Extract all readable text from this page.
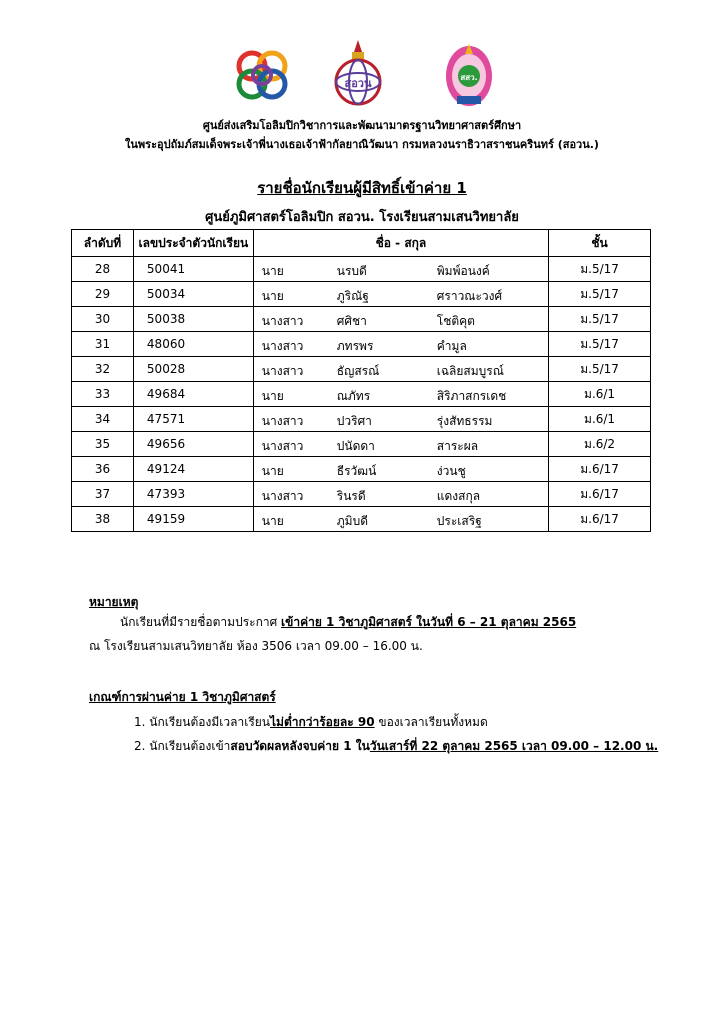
สอวน	สสว.
ศูนย์ส่งเสริมโอลิมปิกวิชาการและพัฒนามาตรฐานวิทยาศาสตร์ศึกษา
ในพระอุปถัมภ์สมเด็จพระเจ้าพี่นางเธอเจ้าฟ้ากัลยาณิวัฒนา กรมหลวงนราธิวาสราชนครินทร์ (สอวน.)
รายชื่อนักเรียนผู้มีสิทธิ์เข้าค่าย 1
ศูนย์ภูมิศาสตร์โอลิมปิก สอวน. โรงเรียนสามเสนวิทยาลัย
ลำดับที่	เลขประจำตัวนักเรียน	ชื่อ - สกุล	ชั้น
28	50041	นาย นรบดี พิมพ์อนงค์	ม.5/17
29	50034	นาย ภูริณัฐ ศราวณะวงศ์	ม.5/17
30	50038	นางสาว ศศิชา โชติคุต	ม.5/17
31	48060	นางสาว ภทรพร คำมูล	ม.5/17
32	50028	นางสาว ธัญสรณ์ เฉลิยสมบูรณ์	ม.5/17
33	49684	นาย ณภัทร สิริภาสกรเดช	ม.6/1
34	47571	นางสาว ปวริศา รุ่งสัทธรรม	ม.6/1
35	49656	นางสาว ปนัดดา สาระผล	ม.6/2
36	49124	นาย ธีรวัฒน์ ง่วนชู	ม.6/17
37	47393	นางสาว รินรดี แดงสกุล	ม.6/17
38	49159	นาย ภูมิบดี ประเสริฐ	ม.6/17
หมายเหตุ
นักเรียนที่มีรายชื่อตามประกาศ เข้าค่าย 1 วิชาภูมิศาสตร์ ในวันที่ 6 – 21 ตุลาคม 2565
ณ โรงเรียนสามเสนวิทยาลัย ห้อง 3506 เวลา 09.00 – 16.00 น.
เกณฑ์การผ่านค่าย 1 วิชาภูมิศาสตร์
1. นักเรียนต้องมีเวลาเรียนไม่ต่ำกว่าร้อยละ 90 ของเวลาเรียนทั้งหมด
2. นักเรียนต้องเข้าสอบวัดผลหลังจบค่าย 1 ในวันเสาร์ที่ 22 ตุลาคม 2565 เวลา 09.00 – 12.00 น.
